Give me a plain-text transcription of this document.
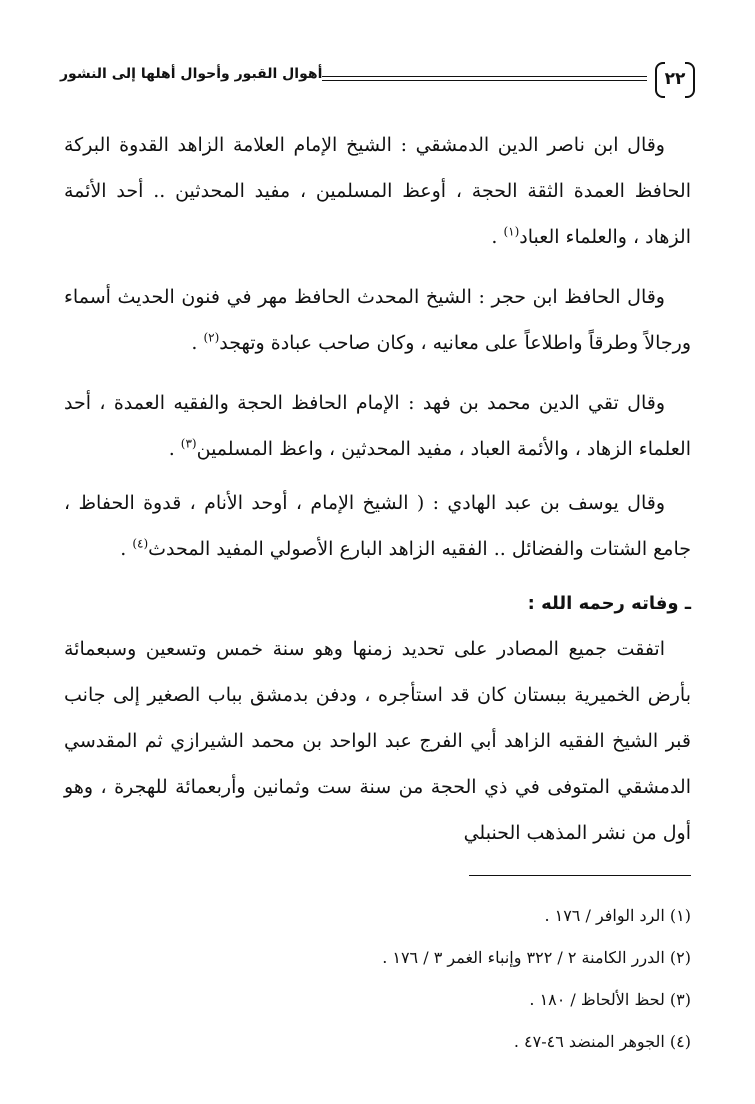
٢٢
أهوال القبور وأحوال أهلها إلى النشور

وقال ابن ناصر الدين الدمشقي : الشيخ الإمام العلامة الزاهد القدوة البركة الحافظ العمدة الثقة الحجة ، أوعظ المسلمين ، مفيد المحدثين .. أحد الأئمة الزهاد ، والعلماء العباد$^{(١)}$ .

وقال الحافظ ابن حجر : الشيخ المحدث الحافظ مهر في فنون الحديث أسماء ورجالاً وطرقاً واطلاعاً على معانيه ، وكان صاحب عبادة وتهجد$^{(٢)}$ .

وقال تقي الدين محمد بن فهد : الإمام الحافظ الحجة والفقيه العمدة ، أحد العلماء الزهاد ، والأئمة العباد ، مفيد المحدثين ، واعظ المسلمين$^{(٣)}$ .

وقال يوسف بن عبد الهادي : ( الشيخ الإمام ، أوحد الأنام ، قدوة الحفاظ ، جامع الشتات والفضائل .. الفقيه الزاهد البارع الأصولي المفيد المحدث$^{(٤)}$ .

ـ وفاته رحمه الله :

اتفقت جميع المصادر على تحديد زمنها وهو سنة خمس وتسعين وسبعمائة بأرض الخميرية ببستان كان قد استأجره ، ودفن بدمشق بباب الصغير إلى جانب قبر الشيخ الفقيه الزاهد أبي الفرج عبد الواحد بن محمد الشيرازي ثم المقدسي الدمشقي المتوفى في ذي الحجة من سنة ست وثمانين وأربعمائة للهجرة ، وهو أول من نشر المذهب الحنبلي

(١) الرد الوافر / ١٧٦ .

(٢) الدرر الكامنة ٢ / ٣٢٢ وإنباء الغمر ٣ / ١٧٦ .

(٣) لحظ الألحاظ / ١٨٠ .

(٤) الجوهر المنضد ٤٦-٤٧ .
